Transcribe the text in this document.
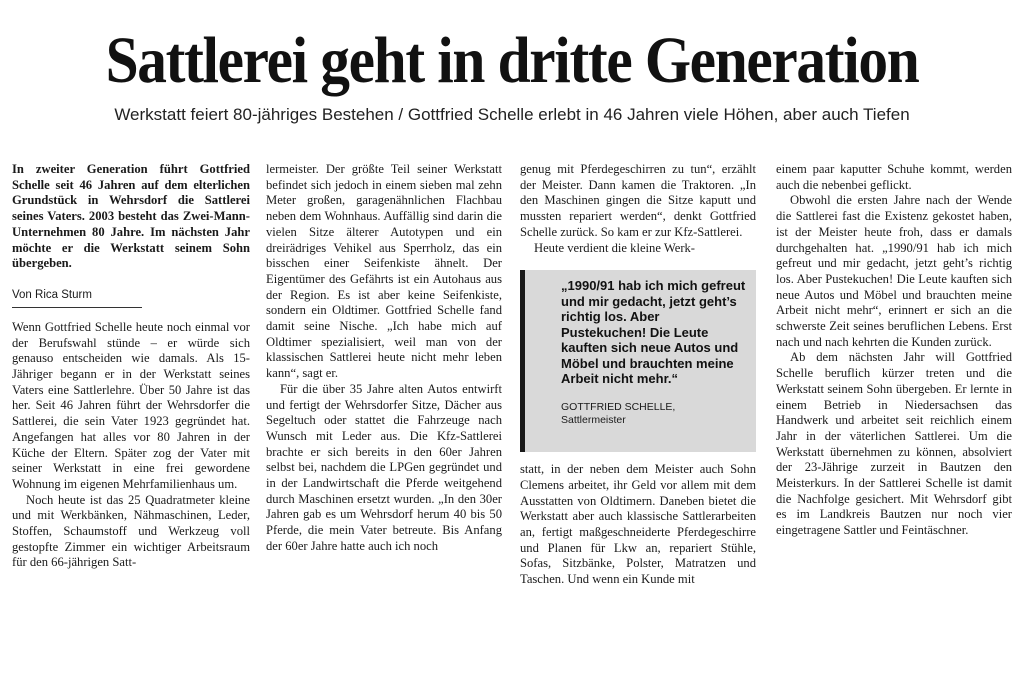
Sattlerei geht in dritte Generation
Werkstatt feiert 80-jähriges Bestehen / Gottfried Schelle erlebt in 46 Jahren viele Höhen, aber auch Tiefen

In zweiter Generation führt Gottfried Schelle seit 46 Jahren auf dem elterlichen Grundstück in Wehrsdorf die Sattlerei seines Vaters. 2003 besteht das Zwei-Mann-Unternehmen 80 Jahre. Im nächsten Jahr möchte er die Werkstatt seinem Sohn übergeben.

Von Rica Sturm

Wenn Gottfried Schelle heute noch einmal vor der Berufswahl stünde – er würde sich genauso entscheiden wie damals. Als 15-Jähriger begann er in der Werkstatt seines Vaters eine Sattlerlehre. Über 50 Jahre ist das her. Seit 46 Jahren führt der Wehrsdorfer die Sattlerei, die sein Vater 1923 gegründet hat. Angefangen hat alles vor 80 Jahren in der Küche der Eltern. Später zog der Vater mit seiner Werkstatt in eine frei gewordene Wohnung im eigenen Mehrfamilienhaus um.

Noch heute ist das 25 Quadratmeter kleine und mit Werkbänken, Nähmaschinen, Leder, Stoffen, Schaumstoff und Werkzeug voll gestopfte Zimmer ein wichtiger Arbeitsraum für den 66-jährigen Satt-

lermeister. Der größte Teil seiner Werkstatt befindet sich jedoch in einem sieben mal zehn Meter großen, garagenähnlichen Flachbau neben dem Wohnhaus. Auffällig sind darin die vielen Sitze älterer Autotypen und ein dreirädriges Vehikel aus Sperrholz, das ein bisschen einer Seifenkiste ähnelt. Der Eigentümer des Gefährts ist ein Autohaus aus der Region. Es ist aber keine Seifenkiste, sondern ein Oldtimer. Gottfried Schelle fand damit seine Nische. „Ich habe mich auf Oldtimer spezialisiert, weil man von der klassischen Sattlerei heute nicht mehr leben kann“, sagt er.

Für die über 35 Jahre alten Autos entwirft und fertigt der Wehrsdorfer Sitze, Dächer aus Segeltuch oder stattet die Fahrzeuge nach Wunsch mit Leder aus. Die Kfz-Sattlerei brachte er sich bereits in den 60er Jahren selbst bei, nachdem die LPGen gegründet und in der Landwirtschaft die Pferde weitgehend durch Maschinen ersetzt wurden. „In den 30er Jahren gab es um Wehrsdorf herum 40 bis 50 Pferde, die mein Vater betreute. Bis Anfang der 60er Jahre hatte auch ich noch

genug mit Pferdegeschirren zu tun“, erzählt der Meister. Dann kamen die Traktoren. „In den Maschinen gingen die Sitze kaputt und mussten repariert werden“, denkt Gottfried Schelle zurück. So kam er zur Kfz-Sattlerei.

Heute verdient die kleine Werk-

„1990/91 hab ich mich gefreut und mir gedacht, jetzt geht’s richtig los. Aber Pustekuchen! Die Leute kauften sich neue Autos und Möbel und brauchten meine Arbeit nicht mehr.“
GOTTFRIED SCHELLE,
Sattlermeister

statt, in der neben dem Meister auch Sohn Clemens arbeitet, ihr Geld vor allem mit dem Ausstatten von Oldtimern. Daneben bietet die Werkstatt aber auch klassische Sattlerarbeiten an, fertigt maßgeschneiderte Pferdegeschirre und Planen für Lkw an, repariert Stühle, Sofas, Sitzbänke, Polster, Matratzen und Taschen. Und wenn ein Kunde mit

einem paar kaputter Schuhe kommt, werden auch die nebenbei geflickt.

Obwohl die ersten Jahre nach der Wende die Sattlerei fast die Existenz gekostet haben, ist der Meister heute froh, dass er damals durchgehalten hat. „1990/91 hab ich mich gefreut und mir gedacht, jetzt geht’s richtig los. Aber Pustekuchen! Die Leute kauften sich neue Autos und Möbel und brauchten meine Arbeit nicht mehr“, erinnert er sich an die schwerste Zeit seines beruflichen Lebens. Erst nach und nach kehrten die Kunden zurück.

Ab dem nächsten Jahr will Gottfried Schelle beruflich kürzer treten und die Werkstatt seinem Sohn übergeben. Er lernte in einem Betrieb in Niedersachsen das Handwerk und arbeitet seit reichlich einem Jahr in der väterlichen Sattlerei. Um die Werkstatt übernehmen zu können, absolviert der 23-Jährige zurzeit in Bautzen den Meisterkurs. In der Sattlerei Schelle ist damit die Nachfolge gesichert. Mit Wehrsdorf gibt es im Landkreis Bautzen nur noch vier eingetragene Sattler und Feintäschner.
